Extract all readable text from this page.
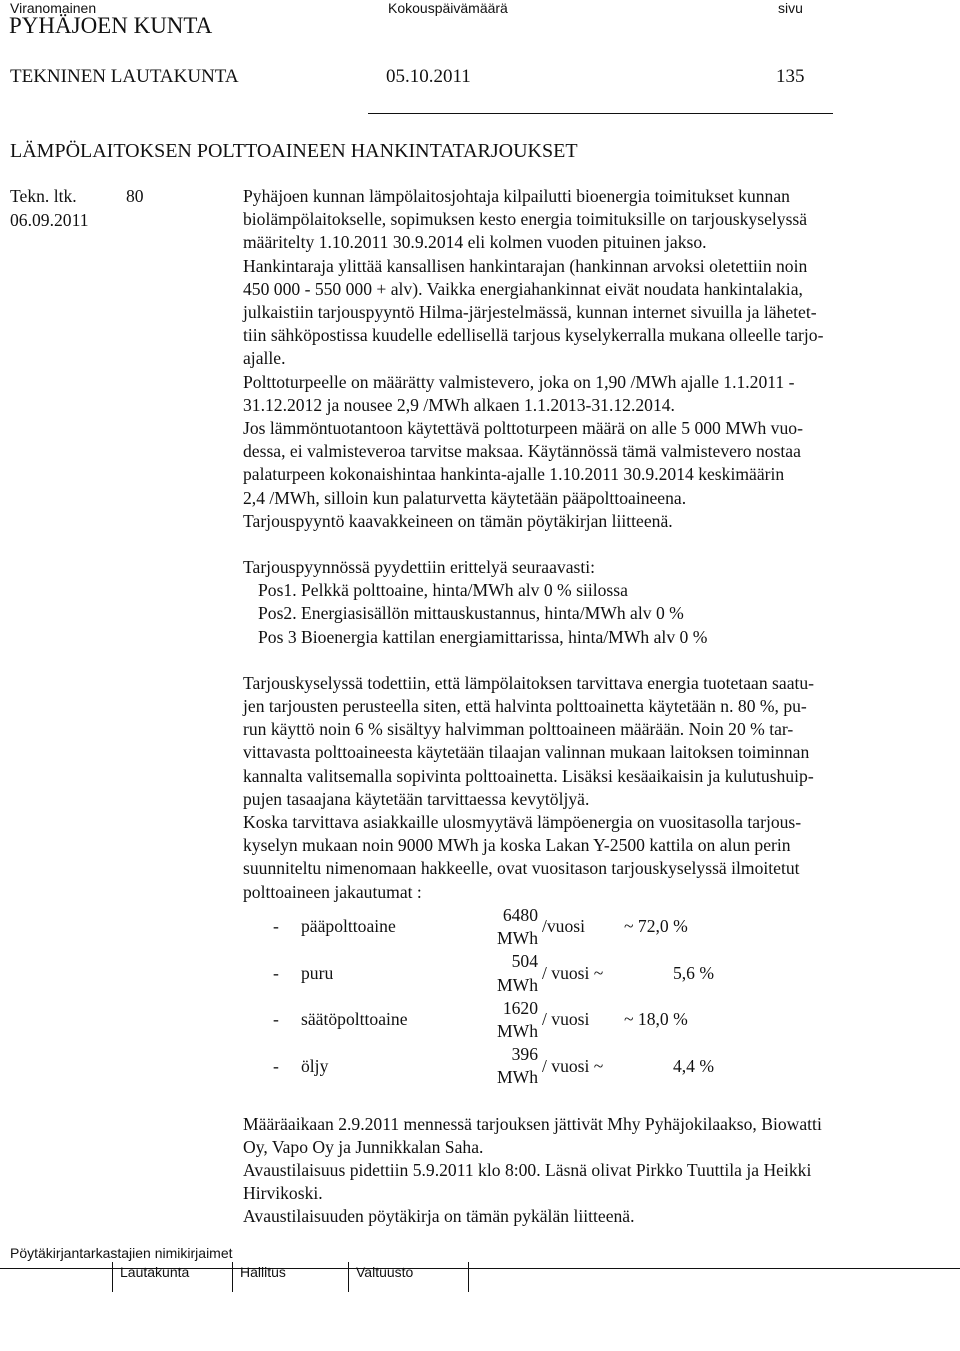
Viranomainen	Kokouspäivämäärä	sivu
PYHÄJOEN KUNTA
TEKNINEN LAUTAKUNTA	05.10.2011	135
LÄMPÖLAITOKSEN POLTTOAINEEN HANKINTATARJOUKSET
Tekn. ltk.	80
06.09.2011

Pyhäjoen kunnan lämpölaitosjohtaja kilpailutti bioenergia toimitukset kunnan

biolämpölaitokselle, sopimuksen kesto energia toimituksille on tarjouskyselyssä

määritelty 1.10.2011 30.9.2014 eli kolmen vuoden pituinen jakso.

Hankintaraja ylittää kansallisen hankintarajan (hankinnan arvoksi oletettiin noin

450 000 - 550 000 + alv). Vaikka energiahankinnat eivät noudata hankintalakia,

julkaistiin tarjouspyyntö Hilma-järjestelmässä, kunnan internet sivuilla ja lähetet-

tiin sähköpostissa kuudelle edellisellä tarjous kyselykerralla mukana olleelle tarjo-

ajalle.

Polttoturpeelle on määrätty valmistevero, joka on 1,90 /MWh ajalle 1.1.2011 -

31.12.2012 ja nousee 2,9 /MWh alkaen 1.1.2013-31.12.2014.

Jos lämmöntuotantoon käytettävä polttoturpeen määrä on alle 5 000 MWh vuo-

dessa, ei valmisteveroa tarvitse maksaa. Käytännössä tämä valmistevero nostaa

palaturpeen kokonaishintaa hankinta-ajalle 1.10.2011 30.9.2014 keskimäärin

2,4 /MWh, silloin kun palaturvetta käytetään pääpolttoaineena.

Tarjouspyyntö kaavakkeineen on tämän pöytäkirjan liitteenä.

Tarjouspyynnössä pyydettiin erittelyä seuraavasti:

Pos1. Pelkkä polttoaine, hinta/MWh alv 0 % siilossa

Pos2. Energiasisällön mittauskustannus, hinta/MWh alv 0 %

Pos 3 Bioenergia kattilan energiamittarissa, hinta/MWh alv 0 %

Tarjouskyselyssä todettiin, että lämpölaitoksen tarvittava energia tuotetaan saatu-

jen tarjousten perusteella siten, että halvinta polttoainetta käytetään n. 80 %, pu-

run käyttö noin 6 % sisältyy halvimman polttoaineen määrään. Noin 20 % tar-

vittavasta polttoaineesta käytetään tilaajan valinnan mukaan laitoksen toiminnan

kannalta valitsemalla sopivinta polttoainetta. Lisäksi kesäaikaisin ja kulutushuip-

pujen tasaajana käytetään tarvittaessa kevytöljyä.

Koska tarvittava asiakkaille ulosmyytävä lämpöenergia on vuositasolla tarjous-

kyselyn mukaan noin 9000 MWh ja koska Lakan Y-2500 kattila on alun perin

suunniteltu nimenomaan hakkeelle, ovat vuositason tarjouskyselyssä ilmoitetut

polttoaineen jakautumat :

-	pääpolttoaine	6480 MWh	/vuosi	~ 72,0 %
-	puru	504 MWh	/ vuosi ~	5,6 %
-	säätöpolttoaine	1620 MWh	/ vuosi	~ 18,0 %
-	öljy	396 MWh	/ vuosi ~	4,4 %

Määräaikaan 2.9.2011 mennessä tarjouksen jättivät Mhy Pyhäjokilaakso, Biowatti

Oy, Vapo Oy ja Junnikkalan Saha.

Avaustilaisuus pidettiin 5.9.2011 klo 8:00. Läsnä olivat Pirkko Tuuttila ja Heikki

Hirvikoski.

Avaustilaisuuden pöytäkirja on tämän pykälän liitteenä.

Pöytäkirjantarkastajien nimikirjaimet
Lautakunta	Hallitus	Valtuusto
